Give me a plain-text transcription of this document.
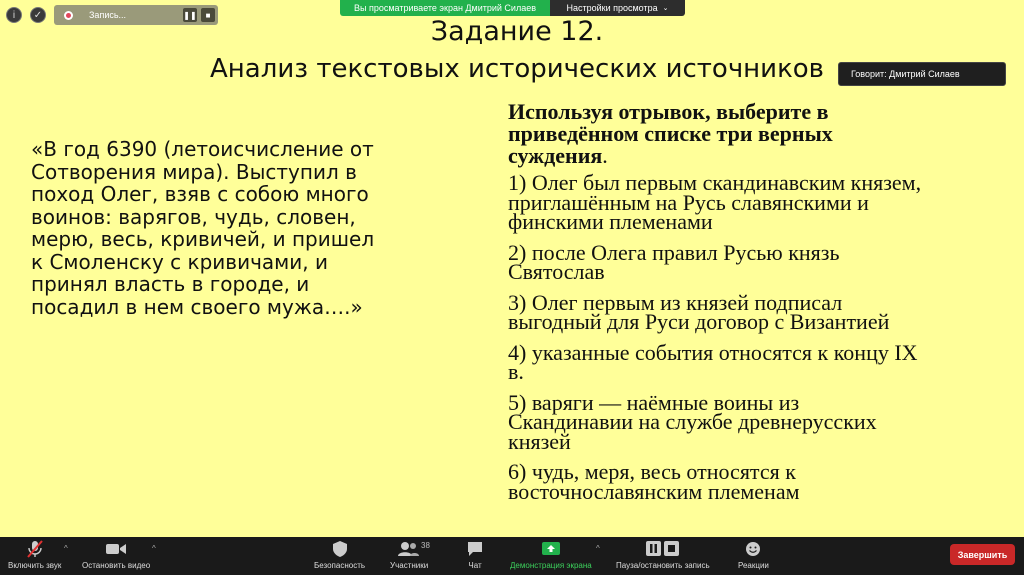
Задание 12.
Анализ текстовых исторических источников
«В год 6390 (летоисчисление от
Сотворения мира). Выступил в
поход Олег, взяв с собою много
воинов: варягов, чудь, словен,
мерю, весь, кривичей, и пришел
к Смоленску с кривичами, и
принял власть в городе, и
посадил в нем своего мужа….»
Используя отрывок, выберите в
приведённом списке три верных
суждения.
1) Олег был первым скандинавским князем,
приглашённым на Русь славянскими и
финскими племенами
2) после Олега правил Русью князь
Святослав
3) Олег первым из князей подписал
выгодный для Руси договор с Византией
4) указанные события относятся к концу IX
в.
5) варяги — наёмные воины из
Скандинавии на службе древнерусских
князей
6) чудь, меря, весь относятся к
восточнославянским племенам
i	✓	Запись...	❚❚	■
Вы просматриваете экран Дмитрий Силаев	Настройки просмотра ⌄
Говорит: Дмитрий Силаев
Включить звук
^
Остановить видео
^
Безопасность	Участники
38
Чат	Демонстрация экрана
^
Пауза/остановить запись	Реакции
Завершить
